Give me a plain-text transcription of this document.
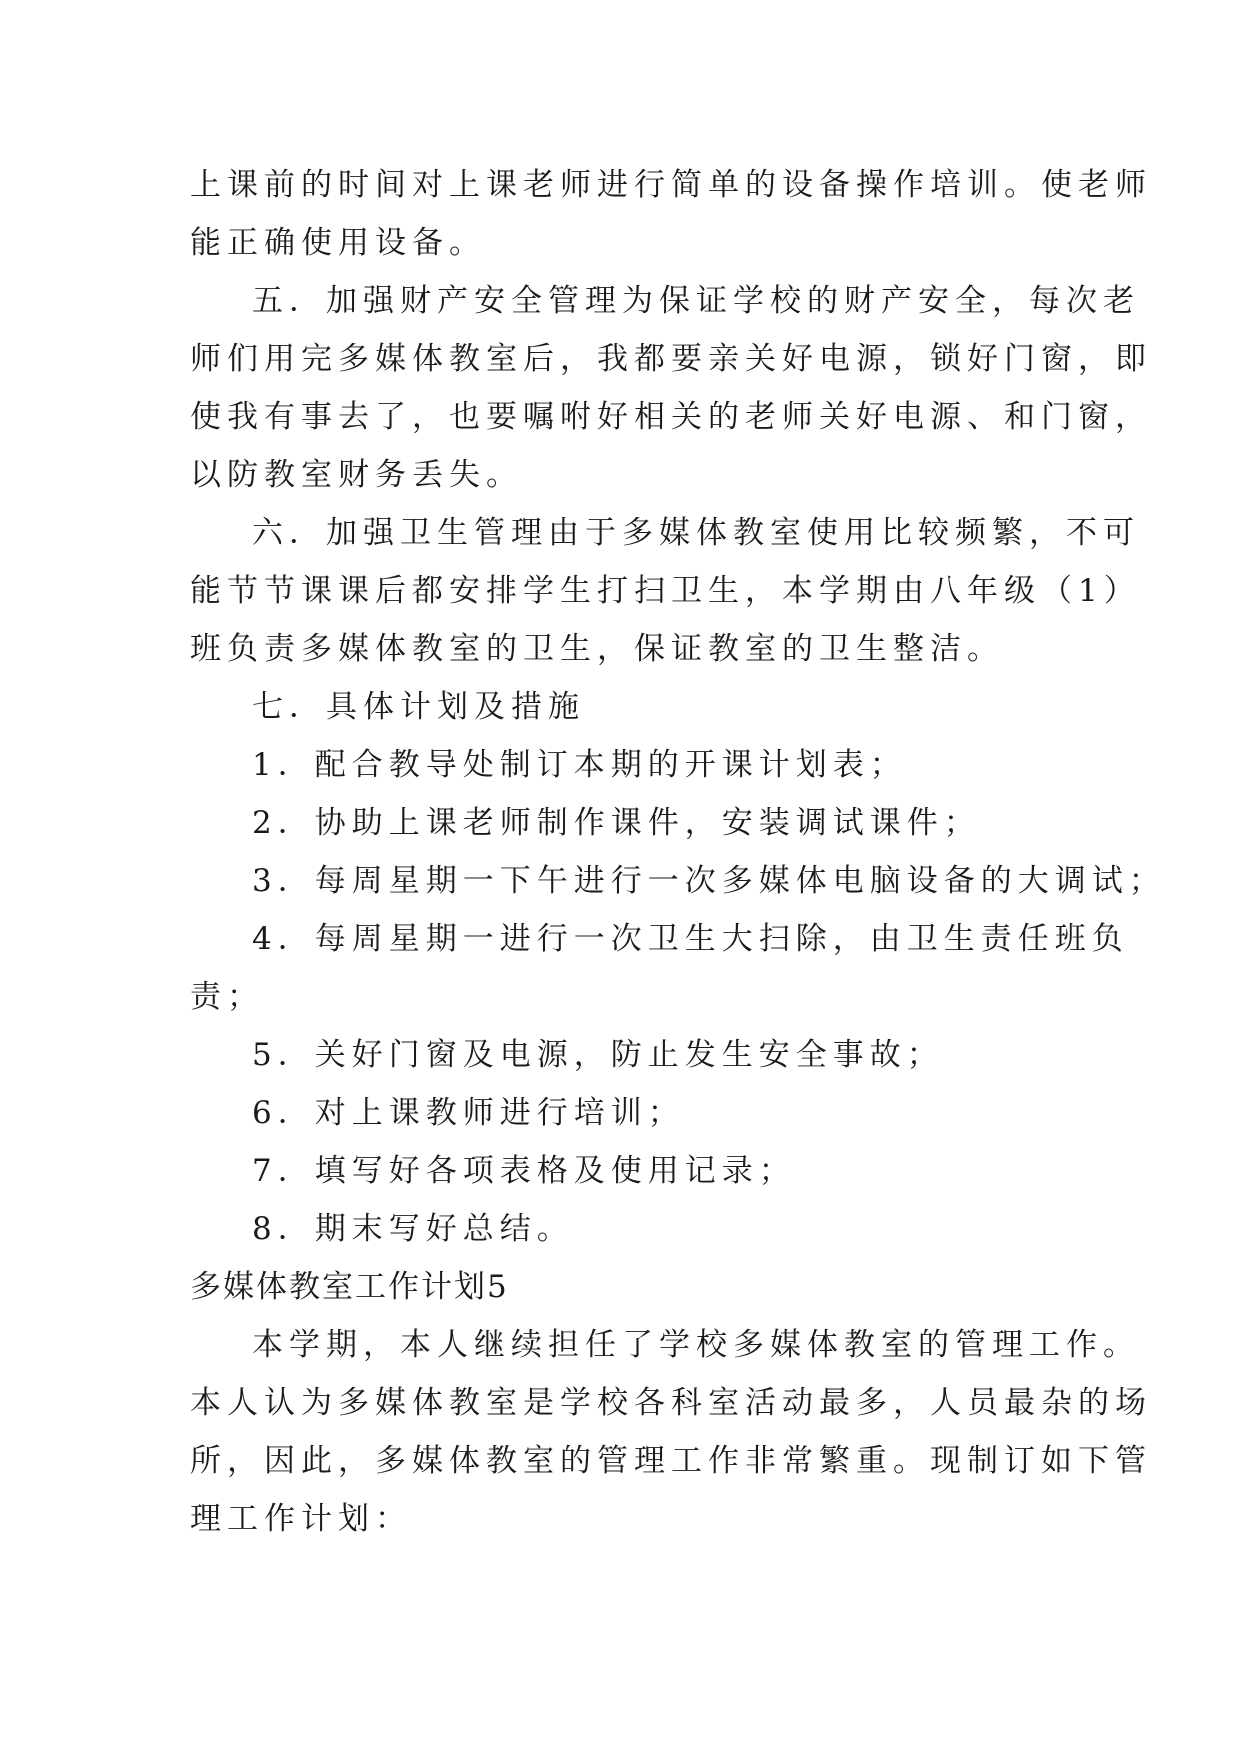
上课前的时间对上课老师进行简单的设备操作培训。使老师
能正确使用设备。
五．加强财产安全管理为保证学校的财产安全，每次老
师们用完多媒体教室后，我都要亲关好电源，锁好门窗，即
使我有事去了，也要嘱咐好相关的老师关好电源、和门窗，
以防教室财务丢失。
六．加强卫生管理由于多媒体教室使用比较频繁，不可
能节节课课后都安排学生打扫卫生，本学期由八年级（1）
班负责多媒体教室的卫生，保证教室的卫生整洁。
七．具体计划及措施
1．配合教导处制订本期的开课计划表；
2．协助上课老师制作课件，安装调试课件；
3．每周星期一下午进行一次多媒体电脑设备的大调试；
4．每周星期一进行一次卫生大扫除，由卫生责任班负
责；
5．关好门窗及电源，防止发生安全事故；
6．对上课教师进行培训；
7．填写好各项表格及使用记录；
8．期末写好总结。
多媒体教室工作计划5
本学期，本人继续担任了学校多媒体教室的管理工作。
本人认为多媒体教室是学校各科室活动最多，人员最杂的场
所，因此，多媒体教室的管理工作非常繁重。现制订如下管
理工作计划：
